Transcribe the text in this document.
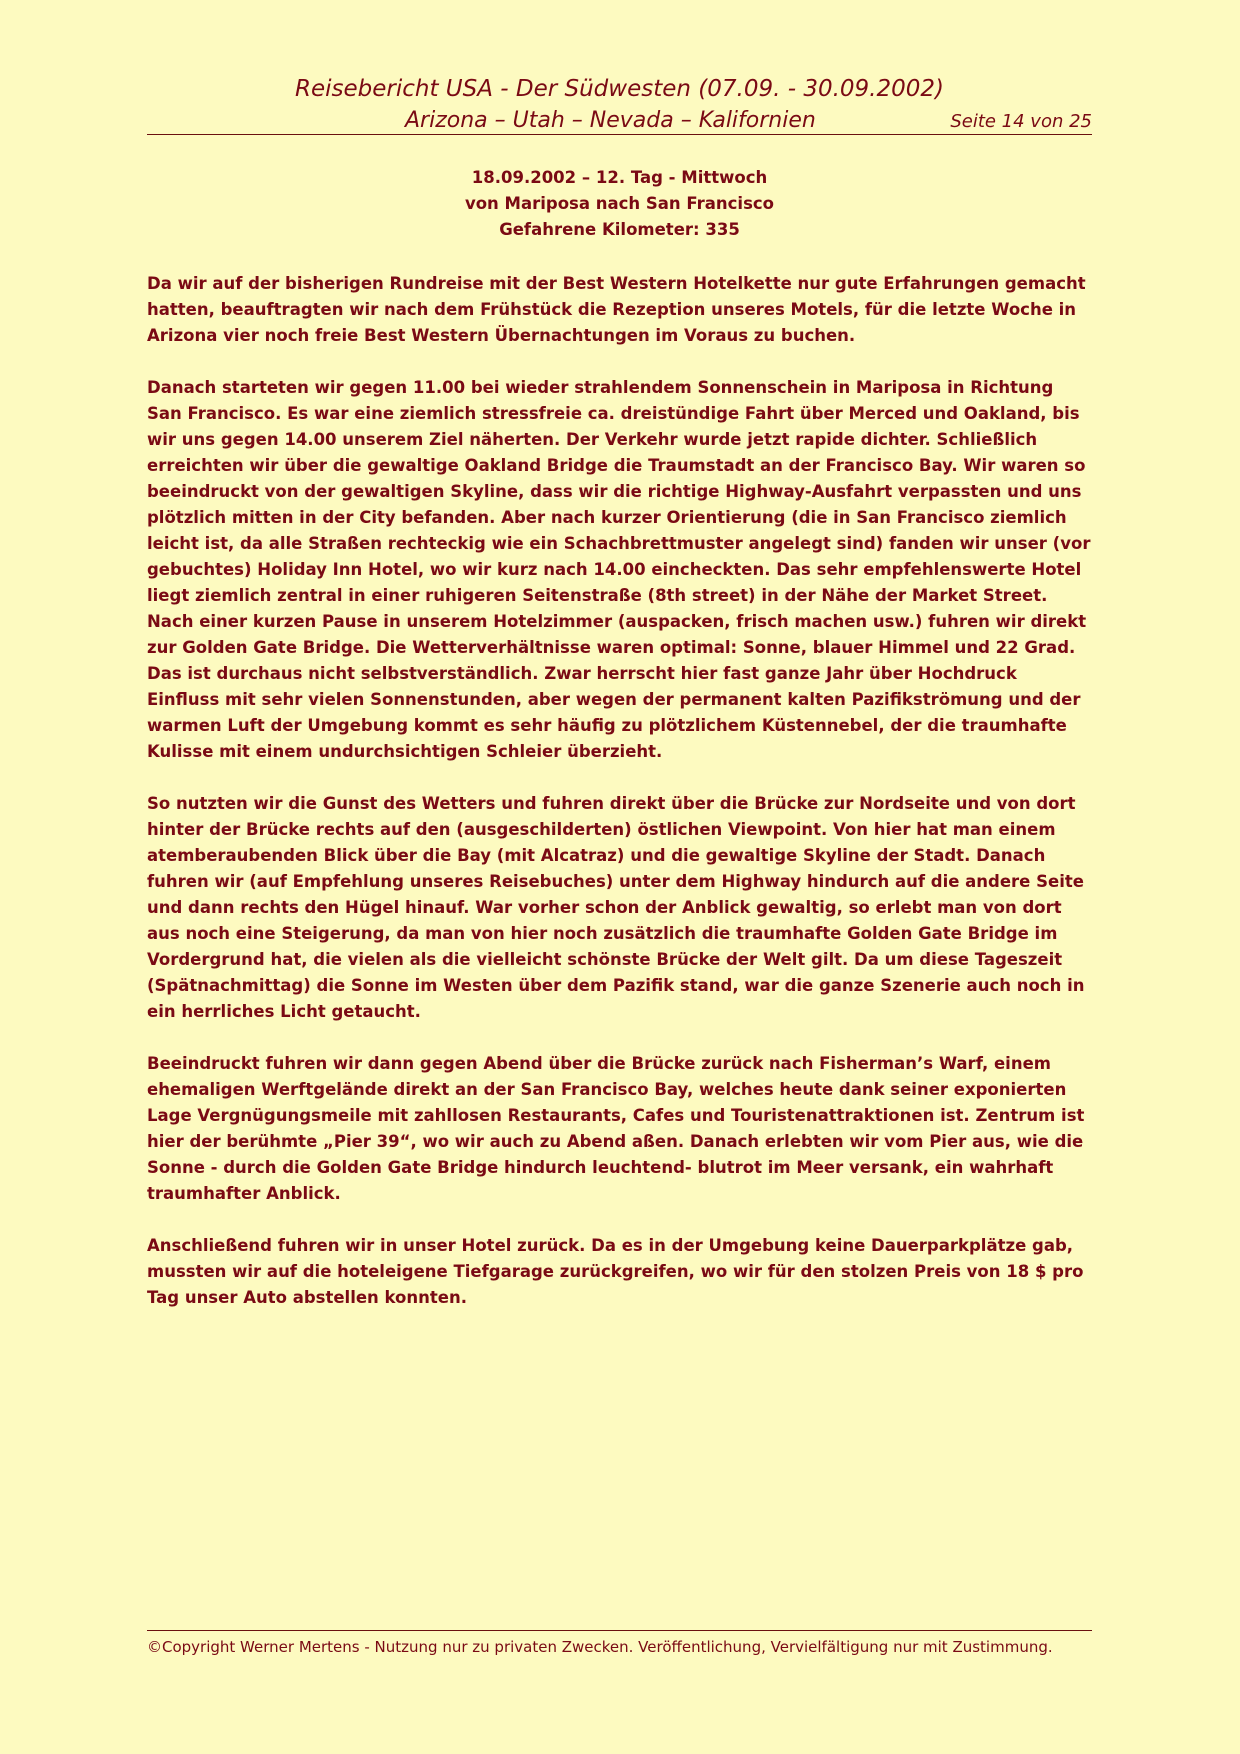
Reisebericht USA - Der Südwesten (07.09. - 30.09.2002)
Arizona – Utah – Nevada – Kalifornien	Seite 14 von 25
18.09.2002 – 12. Tag - Mittwoch
von Mariposa nach San Francisco
Gefahrene Kilometer: 335

Da wir auf der bisherigen Rundreise mit der Best Western Hotelkette nur gute Erfahrungen gemacht hatten, beauftragten wir nach dem Frühstück die Rezeption unseres Motels, für die letzte Woche in Arizona vier noch freie Best Western Übernachtungen im Voraus zu buchen.

Danach starteten wir gegen 11.00 bei wieder strahlendem Sonnenschein in Mariposa in Richtung San Francisco. Es war eine ziemlich stressfreie ca. dreistündige Fahrt über Merced und Oakland, bis wir uns gegen 14.00 unserem Ziel näherten. Der Verkehr wurde jetzt rapide dichter. Schließlich erreichten wir über die gewaltige Oakland Bridge die Traumstadt an der Francisco Bay. Wir waren so beeindruckt von der gewaltigen Skyline, dass wir die richtige Highway-Ausfahrt verpassten und uns plötzlich mitten in der City befanden. Aber nach kurzer Orientierung (die in San Francisco ziemlich leicht ist, da alle Straßen rechteckig wie ein Schachbrettmuster angelegt sind) fanden wir unser (vor gebuchtes) Holiday Inn Hotel, wo wir kurz nach 14.00 eincheckten. Das sehr empfehlenswerte Hotel liegt ziemlich zentral in einer ruhigeren Seitenstraße (8th street) in der Nähe der Market Street. Nach einer kurzen Pause in unserem Hotelzimmer (auspacken, frisch machen usw.) fuhren wir direkt zur Golden Gate Bridge. Die Wetterverhältnisse waren optimal: Sonne, blauer Himmel und 22 Grad. Das ist durchaus nicht selbstverständlich. Zwar herrscht hier fast ganze Jahr über Hochdruck Einfluss mit sehr vielen Sonnenstunden, aber wegen der permanent kalten Pazifikströmung und der warmen Luft der Umgebung kommt es sehr häufig zu plötzlichem Küstennebel, der die traumhafte Kulisse mit einem undurchsichtigen Schleier überzieht.

So nutzten wir die Gunst des Wetters und fuhren direkt über die Brücke zur Nordseite und von dort hinter der Brücke rechts auf den (ausgeschilderten) östlichen Viewpoint. Von hier hat man einem atemberaubenden Blick über die Bay (mit Alcatraz) und die gewaltige Skyline der Stadt. Danach fuhren wir (auf Empfehlung unseres Reisebuches) unter dem Highway hindurch auf die andere Seite und dann rechts den Hügel hinauf. War vorher schon der Anblick gewaltig, so erlebt man von dort aus noch eine Steigerung, da man von hier noch zusätzlich die traumhafte Golden Gate Bridge im Vordergrund hat, die vielen als die vielleicht schönste Brücke der Welt gilt. Da um diese Tageszeit (Spätnachmittag) die Sonne im Westen über dem Pazifik stand, war die ganze Szenerie auch noch in ein herrliches Licht getaucht.

Beeindruckt fuhren wir dann gegen Abend über die Brücke zurück nach Fisherman’s Warf, einem ehemaligen Werftgelände direkt an der San Francisco Bay, welches heute dank seiner exponierten Lage Vergnügungsmeile mit zahllosen Restaurants, Cafes und Touristenattraktionen ist. Zentrum ist hier der berühmte „Pier 39“, wo wir auch zu Abend aßen. Danach erlebten wir vom Pier aus, wie die Sonne - durch die Golden Gate Bridge hindurch leuchtend- blutrot im Meer versank, ein wahrhaft traumhafter Anblick.

Anschließend fuhren wir in unser Hotel zurück. Da es in der Umgebung keine Dauerparkplätze gab, mussten wir auf die hoteleigene Tiefgarage zurückgreifen, wo wir für den stolzen Preis von 18 $ pro Tag unser Auto abstellen konnten.

©Copyright Werner Mertens - Nutzung nur zu privaten Zwecken. Veröffentlichung, Vervielfältigung nur mit Zustimmung.
